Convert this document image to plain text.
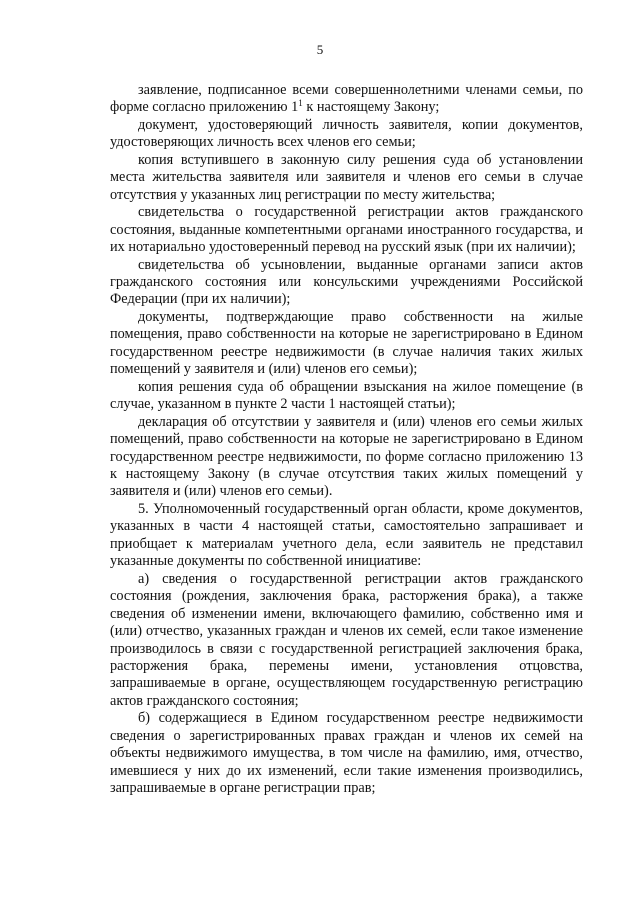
5

заявление, подписанное всеми совершеннолетними членами семьи, по форме согласно приложению $1^1$ к настоящему Закону;

документ, удостоверяющий личность заявителя, копии документов, удостоверяющих личность всех членов его семьи;

копия вступившего в законную силу решения суда об установлении места жительства заявителя или заявителя и членов его семьи в случае отсутствия у указанных лиц регистрации по месту жительства;

свидетельства о государственной регистрации актов гражданского состояния, выданные компетентными органами иностранного государства, и их нотариально удостоверенный перевод на русский язык (при их наличии);

свидетельства об усыновлении, выданные органами записи актов гражданского состояния или консульскими учреждениями Российской Федерации (при их наличии);

документы, подтверждающие право собственности на жилые помещения, право собственности на которые не зарегистрировано в Едином государственном реестре недвижимости (в случае наличия таких жилых помещений у заявителя и (или) членов его семьи);

копия решения суда об обращении взыскания на жилое помещение (в случае, указанном в пункте 2 части 1 настоящей статьи);

декларация об отсутствии у заявителя и (или) членов его семьи жилых помещений, право собственности на которые не зарегистрировано в Едином государственном реестре недвижимости, по форме согласно приложению 13 к настоящему Закону (в случае отсутствия таких жилых помещений у заявителя и (или) членов его семьи).

5. Уполномоченный государственный орган области, кроме документов, указанных в части 4 настоящей статьи, самостоятельно запрашивает и приобщает к материалам учетного дела, если заявитель не представил указанные документы по собственной инициативе:

а) сведения о государственной регистрации актов гражданского состояния (рождения, заключения брака, расторжения брака), а также сведения об изменении имени, включающего фамилию, собственно имя и (или) отчество, указанных граждан и членов их семей, если такое изменение производилось в связи с государственной регистрацией заключения брака, расторжения брака, перемены имени, установления отцовства, запрашиваемые в органе, осуществляющем государственную регистрацию актов гражданского состояния;

б) содержащиеся в Едином государственном реестре недвижимости сведения о зарегистрированных правах граждан и членов их семей на объекты недвижимого имущества, в том числе на фамилию, имя, отчество, имевшиеся у них до их изменений, если такие изменения производились, запрашиваемые в органе регистрации прав;
